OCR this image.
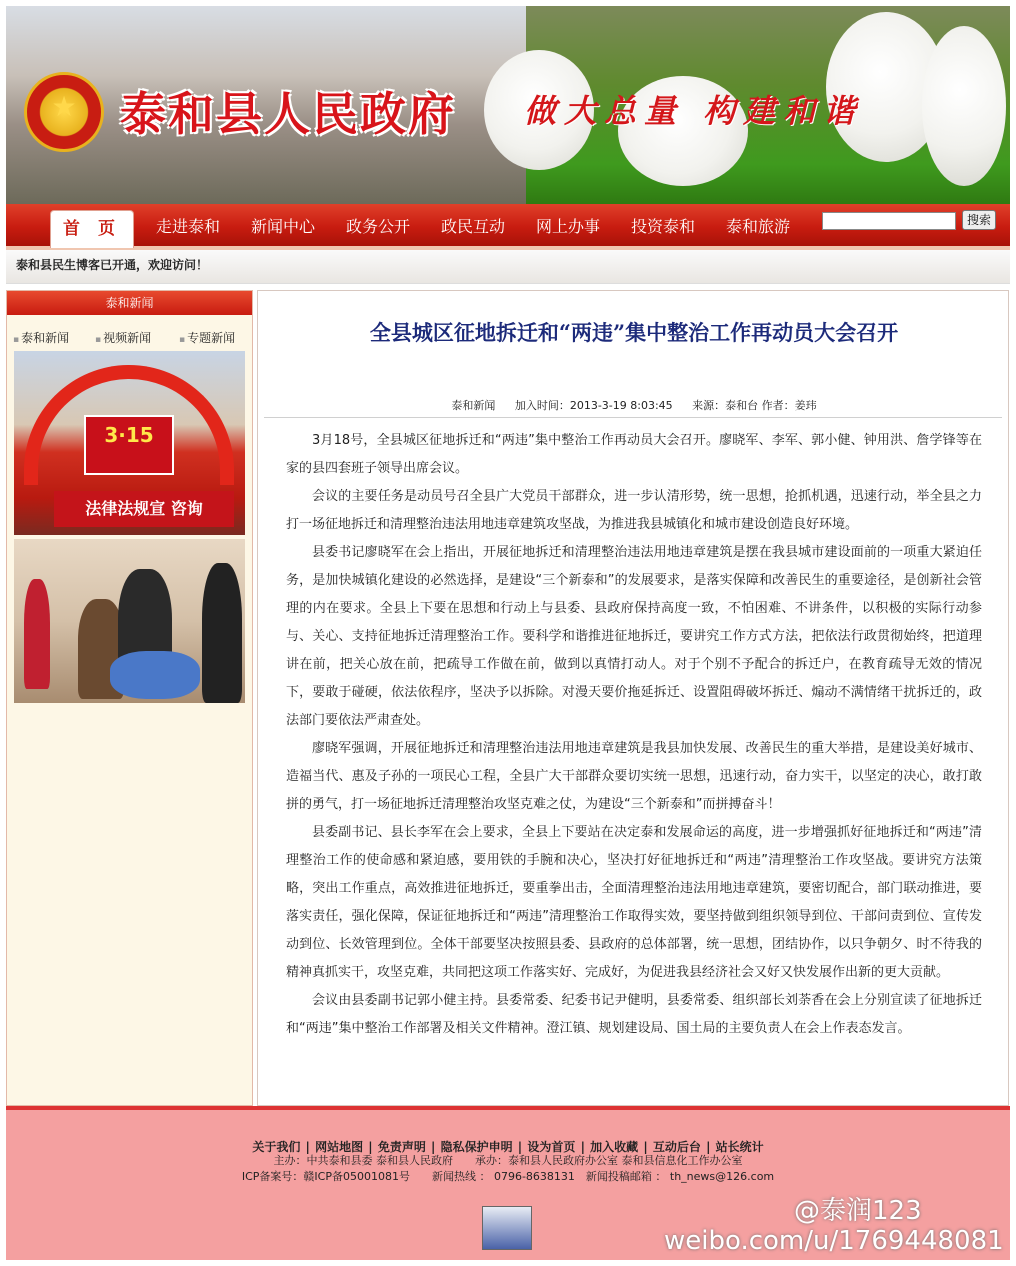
★ 泰和县人民政府 做大总量 构建和谐
首 页	走进泰和 新闻中心 政务公开 政民互动 网上办事 投资泰和 泰和旅游	搜索
泰和县民生博客已开通，欢迎访问！
泰和新闻
▪ 泰和新闻	▪ 视频新闻	▪ 专题新闻
3·15
法律法规宣 咨询
全县城区征地拆迁和“两违”集中整治工作再动员大会召开
泰和新闻 加入时间：2013-3-19 8:03:45 来源：泰和台 作者：姜玮

3月18号，全县城区征地拆迁和“两违”集中整治工作再动员大会召开。廖晓军、李军、郭小健、钟用洪、詹学锋等在家的县四套班子领导出席会议。

会议的主要任务是动员号召全县广大党员干部群众，进一步认清形势，统一思想，抢抓机遇，迅速行动，举全县之力打一场征地拆迁和清理整治违法用地违章建筑攻坚战，为推进我县城镇化和城市建设创造良好环境。

县委书记廖晓军在会上指出，开展征地拆迁和清理整治违法用地违章建筑是摆在我县城市建设面前的一项重大紧迫任务，是加快城镇化建设的必然选择，是建设“三个新泰和”的发展要求，是落实保障和改善民生的重要途径，是创新社会管理的内在要求。全县上下要在思想和行动上与县委、县政府保持高度一致，不怕困难、不讲条件，以积极的实际行动参与、关心、支持征地拆迁清理整治工作。要科学和谐推进征地拆迁，要讲究工作方式方法，把依法行政贯彻始终，把道理讲在前，把关心放在前，把疏导工作做在前，做到以真情打动人。对于个别不予配合的拆迁户，在教育疏导无效的情况下，要敢于碰硬，依法依程序，坚决予以拆除。对漫天要价拖延拆迁、设置阻碍破坏拆迁、煽动不满情绪干扰拆迁的，政法部门要依法严肃查处。

廖晓军强调，开展征地拆迁和清理整治违法用地违章建筑是我县加快发展、改善民生的重大举措，是建设美好城市、造福当代、惠及子孙的一项民心工程，全县广大干部群众要切实统一思想，迅速行动，奋力实干，以坚定的决心，敢打敢拼的勇气，打一场征地拆迁清理整治攻坚克难之仗，为建设“三个新泰和”而拼搏奋斗！

县委副书记、县长李军在会上要求，全县上下要站在决定泰和发展命运的高度，进一步增强抓好征地拆迁和“两违”清理整治工作的使命感和紧迫感，要用铁的手腕和决心，坚决打好征地拆迁和“两违”清理整治工作攻坚战。要讲究方法策略，突出工作重点，高效推进征地拆迁，要重拳出击，全面清理整治违法用地违章建筑，要密切配合，部门联动推进，要落实责任，强化保障，保证征地拆迁和“两违”清理整治工作取得实效，要坚持做到组织领导到位、干部问责到位、宣传发动到位、长效管理到位。全体干部要坚决按照县委、县政府的总体部署，统一思想，团结协作，以只争朝夕、时不待我的精神真抓实干，攻坚克难，共同把这项工作落实好、完成好，为促进我县经济社会又好又快发展作出新的更大贡献。

会议由县委副书记郭小健主持。县委常委、纪委书记尹健明，县委常委、组织部长刘荼香在会上分别宣读了征地拆迁和“两违”集中整治工作部署及相关文件精神。澄江镇、规划建设局、国土局的主要负责人在会上作表态发言。

关于我们 | 网站地图 | 免责声明 | 隐私保护申明 | 设为首页 | 加入收藏 | 互动后台 | 站长统计
主办：中共泰和县委 泰和县人民政府　　承办：泰和县人民政府办公室 泰和县信息化工作办公室
ICP备案号：赣ICP备05001081号　　新闻热线 ： 0796-8638131　新闻投稿邮箱 ： th_news@126.com
@泰润123
weibo.com/u/1769448081
